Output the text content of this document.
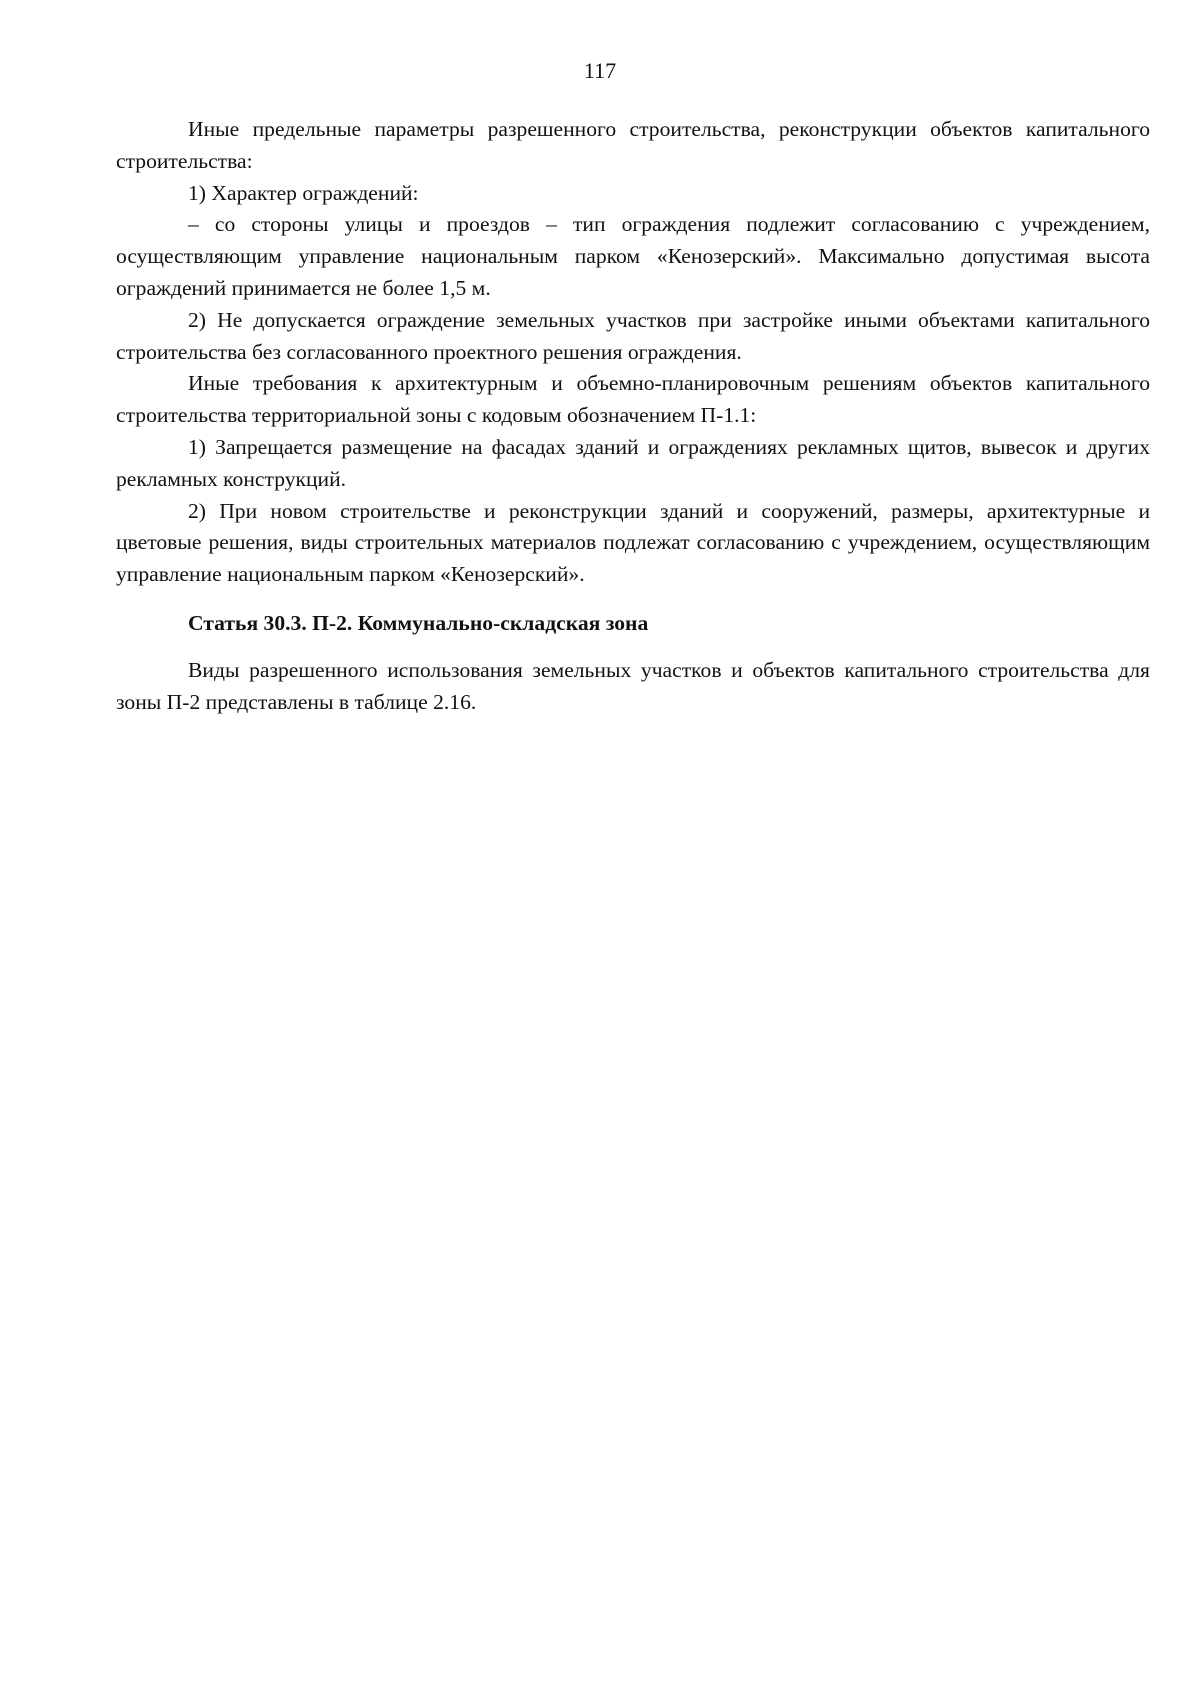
117

Иные предельные параметры разрешенного строительства, реконструкции объектов капитального строительства:

1) Характер ограждений:

– со стороны улицы и проездов – тип ограждения подлежит согласованию с учреждением, осуществляющим управление национальным парком «Кенозерский». Максимально допустимая высота ограждений принимается не более 1,5 м.

2) Не допускается ограждение земельных участков при застройке иными объектами капитального строительства без согласованного проектного решения ограждения.

Иные требования к архитектурным и объемно-планировочным решениям объектов капитального строительства территориальной зоны с кодовым обозначением П-1.1:

1) Запрещается размещение на фасадах зданий и ограждениях рекламных щитов, вывесок и других рекламных конструкций.

2) При новом строительстве и реконструкции зданий и сооружений, размеры, архитектурные и цветовые решения, виды строительных материалов подлежат согласованию с учреждением, осуществляющим управление национальным парком «Кенозерский».

Статья 30.3. П-2. Коммунально-складская зона

Виды разрешенного использования земельных участков и объектов капитального строительства для зоны П-2 представлены в таблице 2.16.
